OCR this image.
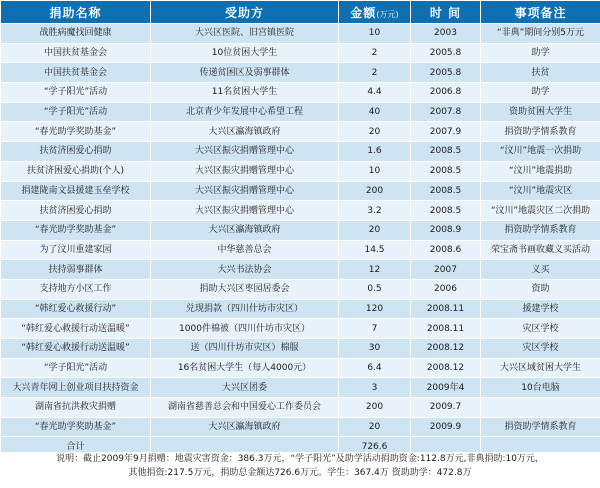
捐助名称	受助方	金额(万元)	时 间	事项备注
战胜病魔找回健康	大兴区医院、旧宫镇医院	10	2003	“非典”期间分别5万元
中国扶贫基金会	10位贫困大学生	2	2005.8	助学
中国扶贫基金会	传递贫困区及弱事群体	2	2005.8	扶贫
“学子阳光”活动	11名贫困大学生	4.4	2006.8	助学
“学子阳光”活动	北京青少年发展中心希望工程	40	2007.8	资助贫困大学生
“春光助学奖助基金”	大兴区瀛海镇政府	20	2007.9	捐资助学情系教育
扶贫济困爱心捐助	大兴区振灾捐赠管理中心	1.6	2008.5	“汶川”地震一次捐助
扶贫济困爱心捐助(个人)	大兴区振灾捐赠管理中心	10	2008.5	“汶川”地震捐助
捐建陇南文县援建玉垒学校	大兴区振灾捐赠管理中心	200	2008.5	“汶川”地震灾区
扶贫济困爱心捐助	大兴区振灾捐赠管理中心	3.2	2008.5	“汶川”地震灾区二次捐助
“春光助学奖助基金”	大兴区瀛海镇政府	20	2008.9	捐资助学情系教育
为了汶川重建家园	中华慈善总会	14.5	2008.6	荣宝斋书画收藏义买活动
扶持弱事群体	大兴书法协会	12	2007	义买
支持地方小区工作	捐助大兴区枣园居委会	0.5	2006	资助
“韩红爱心救援行动”	兑现捐款（四川什坊市灾区）	120	2008.11	援建学校
“韩红爱心救援行动送温暖”	1000件棉被（四川什坊市灾区）	7	2008.11	灾区学校
“韩红爱心救援行动送温暖”	送（四川什坊市灾区）棉服	30	2008.12	灾区学校
“学子阳光”活动	16名贫困大学生（每人4000元）	6.4	2008.12	大兴区域贫困大学生
大兴青年网上创业项目扶持资金	大兴区团委	3	2009年4	10台电脑
湖南省抗洪救灾捐赠	湖南省慈善总会和中国爱心工作委员会	200	2009.7	
“春光助学奖助基金”	大兴区瀛海镇政府	20	2009.9	捐资助学情系教育
合计		726.6		
说明：截止2009年9月捐赠：地震灾害资金：386.3万元，“学子阳光”及助学活动捐助资金:112.8万元,非典捐助:10万元，
其他捐资:217.5万元，捐助总金额达726.6万元。学生：367.4万 资助助学：472.8万
